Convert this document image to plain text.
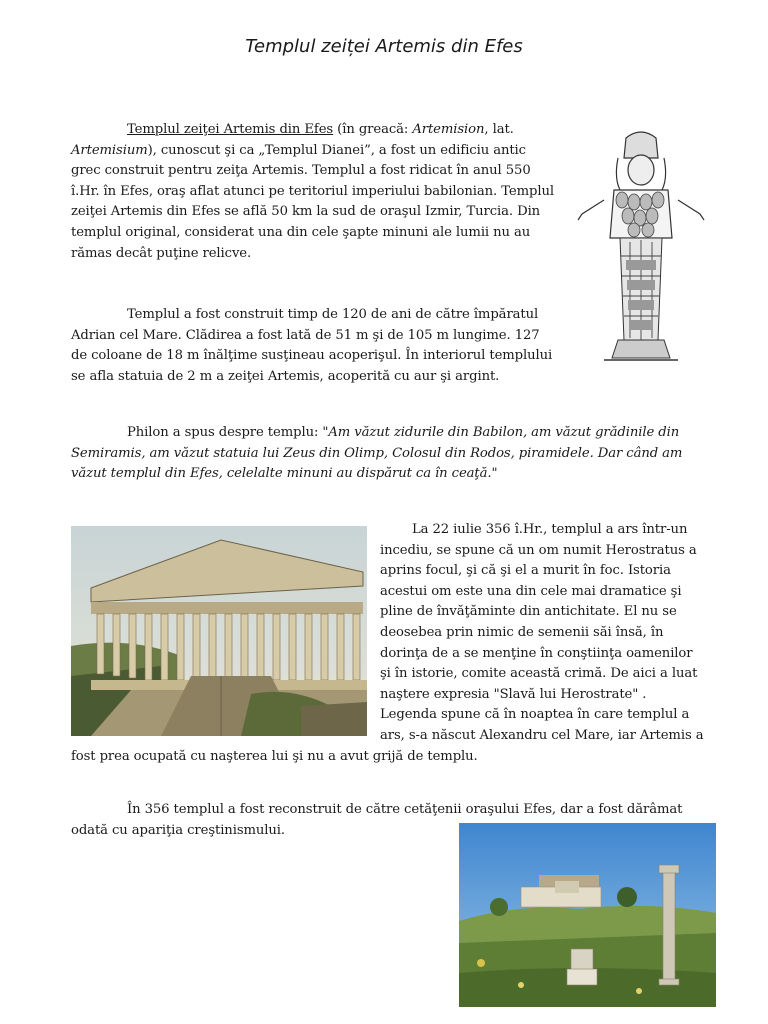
Templul zeiței Artemis din Efes

Templul zeiţei Artemis din Efes (în greacă: Artemision, lat. Artemisium), cunoscut şi ca „Templul Dianei”, a fost un edificiu antic grec construit pentru zeiţa Artemis. Templul a fost ridicat în anul 550 î.Hr. în Efes, oraş aflat atunci pe teritoriul imperiului babilonian. Templul zeiţei Artemis din Efes se află 50 km la sud de oraşul Izmir, Turcia. Din templul original, considerat una din cele şapte minuni ale lumii nu au rămas decât puţine relicve.

Templul a fost construit timp de 120 de ani de către împăratul Adrian cel Mare. Clădirea a fost lată de 51 m şi de 105 m lungime. 127 de coloane de 18 m înălţime susţineau acoperişul. În interiorul templului se afla statuia de 2 m a zeiţei Artemis, acoperită cu aur şi argint.

Philon a spus despre templu: "Am văzut zidurile din Babilon, am văzut grădinile din Semiramis, am văzut statuia lui Zeus din Olimp, Colosul din Rodos, piramidele. Dar când am văzut templul din Efes, celelalte minuni au dispărut ca în ceaţă."

La 22 iulie 356 î.Hr., templul a ars într-un incediu, se spune că un om numit Herostratus a aprins focul, şi că şi el a murit în foc. Istoria acestui om este una din cele mai dramatice şi pline de învăţăminte din antichitate. El nu se deosebea prin nimic de semenii săi însă, în dorinţa de a se menţine în conştiinţa oamenilor şi în istorie, comite această crimă. De aici a luat naştere expresia "Slavă lui Herostrate" . Legenda spune că în noaptea în care templul a ars, s-a născut Alexandru cel Mare, iar Artemis a fost prea ocupată cu naşterea lui şi nu a avut grijă de templu.

În 356 templul a fost reconstruit de către cetăţenii oraşului Efes, dar a fost dărâmat odată cu apariţia creştinismului.
